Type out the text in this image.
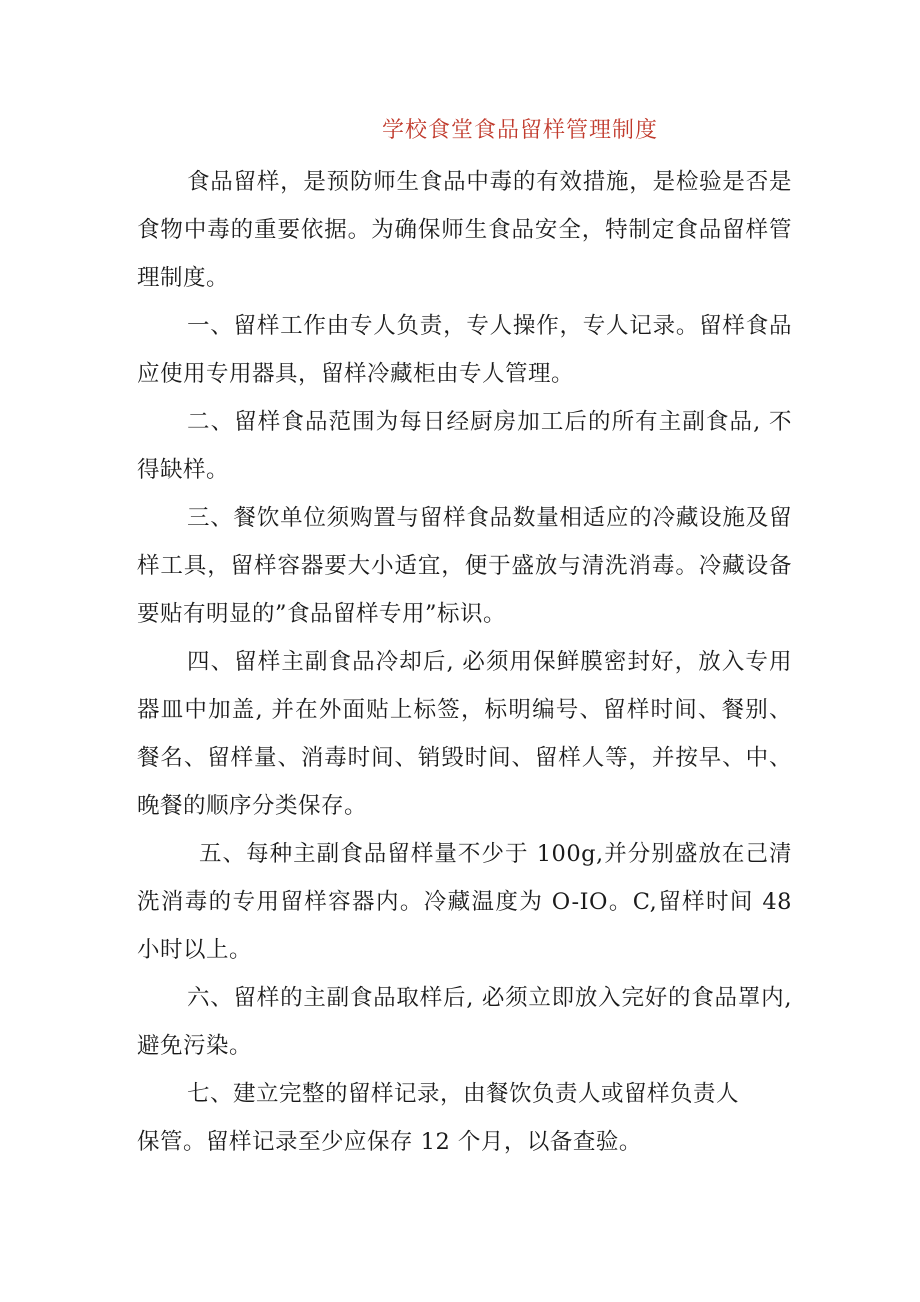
学校食堂食品留样管理制度

食品留样，是预防师生食品中毒的有效措施，是检验是否是食物中毒的重要依据。为确保师生食品安全，特制定食品留样管理制度。

一、留样工作由专人负责，专人操作，专人记录。留样食品应使用专用器具，留样冷藏柜由专人管理。

二、留样食品范围为每日经厨房加工后的所有主副食品, 不得缺样。

三、餐饮单位须购置与留样食品数量相适应的冷藏设施及留样工具，留样容器要大小适宜，便于盛放与清洗消毒。冷藏设备要贴有明显的”食品留样专用”标识。

四、留样主副食品冷却后, 必须用保鲜膜密封好，放入专用器皿中加盖, 并在外面贴上标签，标明编号、留样时间、餐别、餐名、留样量、消毒时间、销毁时间、留样人等，并按早、中、晚餐的顺序分类保存。

五、每种主副食品留样量不少于 100g,并分别盛放在己清洗消毒的专用留样容器内。冷藏温度为 O-IO。C,留样时间 48 小时以上。

六、留样的主副食品取样后, 必须立即放入完好的食品罩内, 避免污染。

七、建立完整的留样记录，由餐饮负责人或留样负责人
保管。留样记录至少应保存 12 个月，以备查验。
